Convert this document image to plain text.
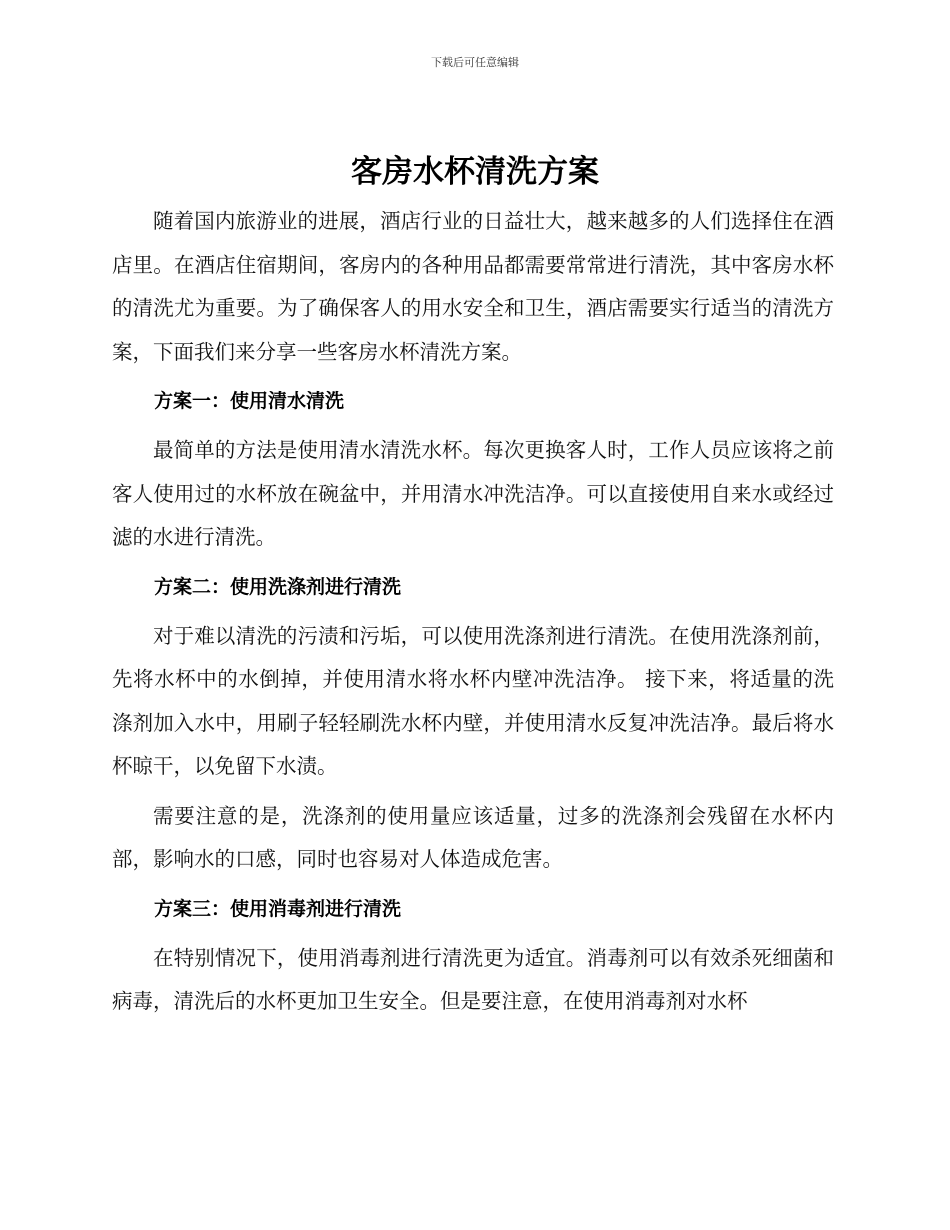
下载后可任意编辑
客房水杯清洗方案

随着国内旅游业的进展，酒店行业的日益壮大，越来越多的人们选择住在酒店里。在酒店住宿期间，客房内的各种用品都需要常常进行清洗，其中客房水杯的清洗尤为重要。为了确保客人的用水安全和卫生，酒店需要实行适当的清洗方案，下面我们来分享一些客房水杯清洗方案。

方案一：使用清水清洗

最简单的方法是使用清水清洗水杯。每次更换客人时，工作人员应该将之前客人使用过的水杯放在碗盆中，并用清水冲洗洁净。可以直接使用自来水或经过滤的水进行清洗。

方案二：使用洗涤剂进行清洗

对于难以清洗的污渍和污垢，可以使用洗涤剂进行清洗。在使用洗涤剂前，先将水杯中的水倒掉，并使用清水将水杯内壁冲洗洁净。 接下来，将适量的洗涤剂加入水中，用刷子轻轻刷洗水杯内壁，并使用清水反复冲洗洁净。最后将水杯晾干，以免留下水渍。

需要注意的是，洗涤剂的使用量应该适量，过多的洗涤剂会残留在水杯内部，影响水的口感，同时也容易对人体造成危害。

方案三：使用消毒剂进行清洗

在特别情况下，使用消毒剂进行清洗更为适宜。消毒剂可以有效杀死细菌和病毒，清洗后的水杯更加卫生安全。但是要注意，在使用消毒剂对水杯
